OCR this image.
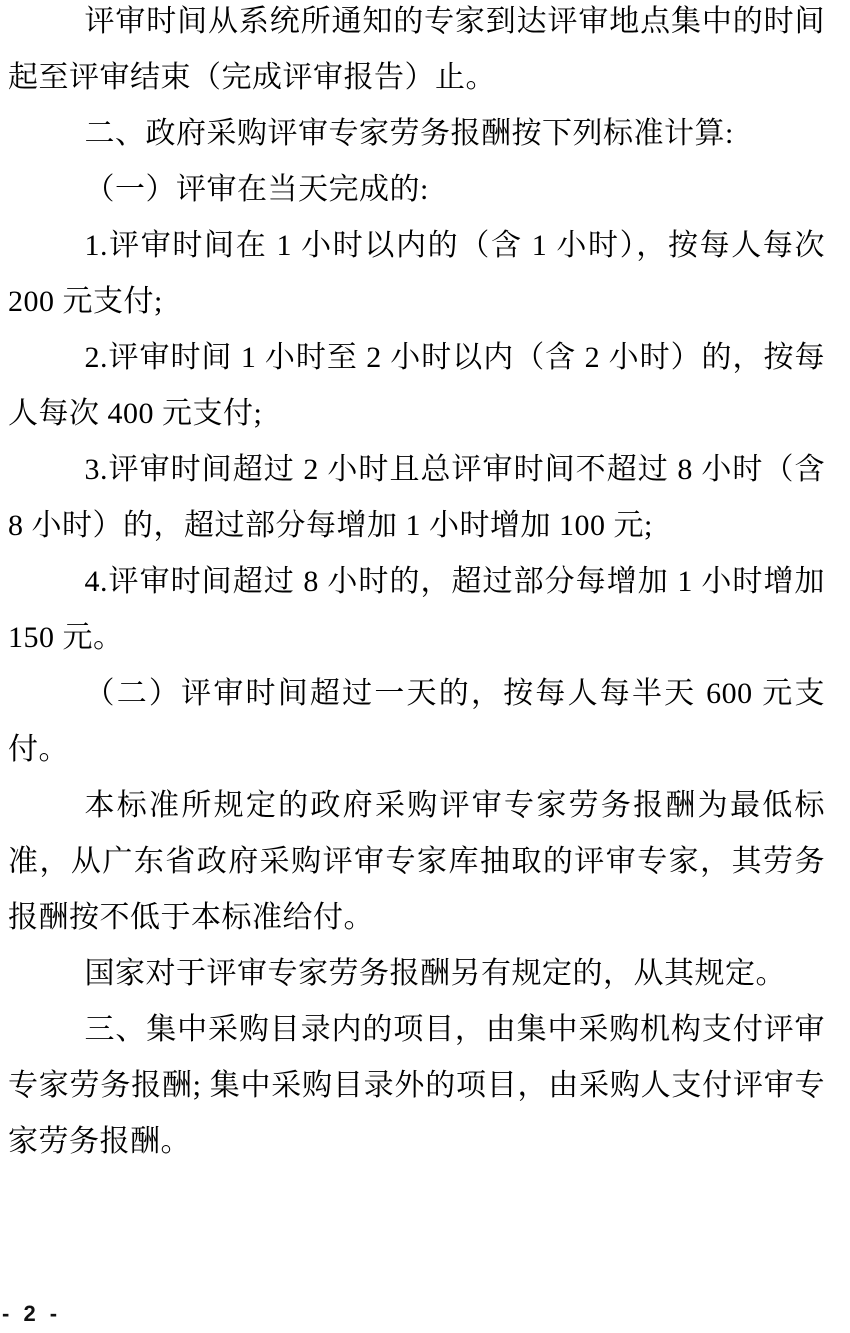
评审时间从系统所通知的专家到达评审地点集中的时间起至评审结束（完成评审报告）止。

二、政府采购评审专家劳务报酬按下列标准计算:

（一）评审在当天完成的:

1.评审时间在 1 小时以内的（含 1 小时），按每人每次 200 元支付;

2.评审时间 1 小时至 2 小时以内（含 2 小时）的，按每人每次 400 元支付;

3.评审时间超过 2 小时且总评审时间不超过 8 小时（含 8 小时）的，超过部分每增加 1 小时增加 100 元;

4.评审时间超过 8 小时的，超过部分每增加 1 小时增加 150 元。

（二）评审时间超过一天的，按每人每半天 600 元支付。

本标准所规定的政府采购评审专家劳务报酬为最低标准，从广东省政府采购评审专家库抽取的评审专家，其劳务报酬按不低于本标准给付。

国家对于评审专家劳务报酬另有规定的，从其规定。

三、集中采购目录内的项目，由集中采购机构支付评审专家劳务报酬; 集中采购目录外的项目，由采购人支付评审专家劳务报酬。

- 2 -
